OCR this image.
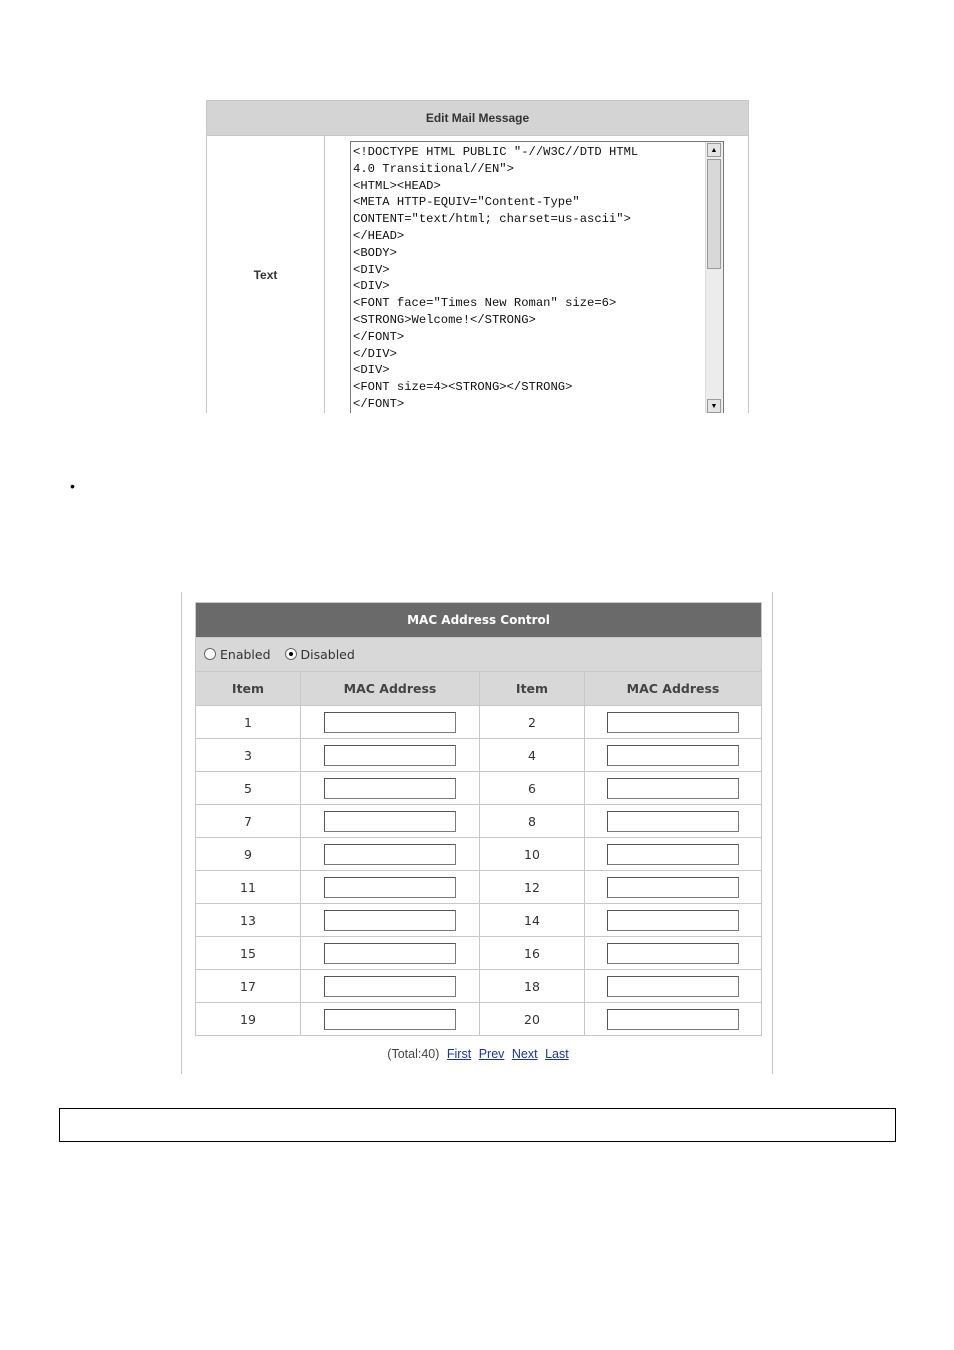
Edit Mail Message
Text
<!DOCTYPE HTML PUBLIC "-//W3C//DTD HTML
4.0 Transitional//EN">
<HTML><HEAD>
<META HTTP-EQUIV="Content-Type"
CONTENT="text/html; charset=us-ascii">
</HEAD>
<BODY>
<DIV>
<DIV>
<FONT face="Times New Roman" size=6>
<STRONG>Welcome!</STRONG>
</FONT>
</DIV>
<DIV>
<FONT size=4><STRONG></STRONG>
</FONT>
▲
▼
•
MAC Address Control			
Enabled Disabled			
Item	MAC Address	Item	MAC Address
1		2	
3		4	
5		6	
7		8	
9		10	
11		12	
13		14	
15		16	
17		18	
19		20	
(Total:40) First Prev Next Last
